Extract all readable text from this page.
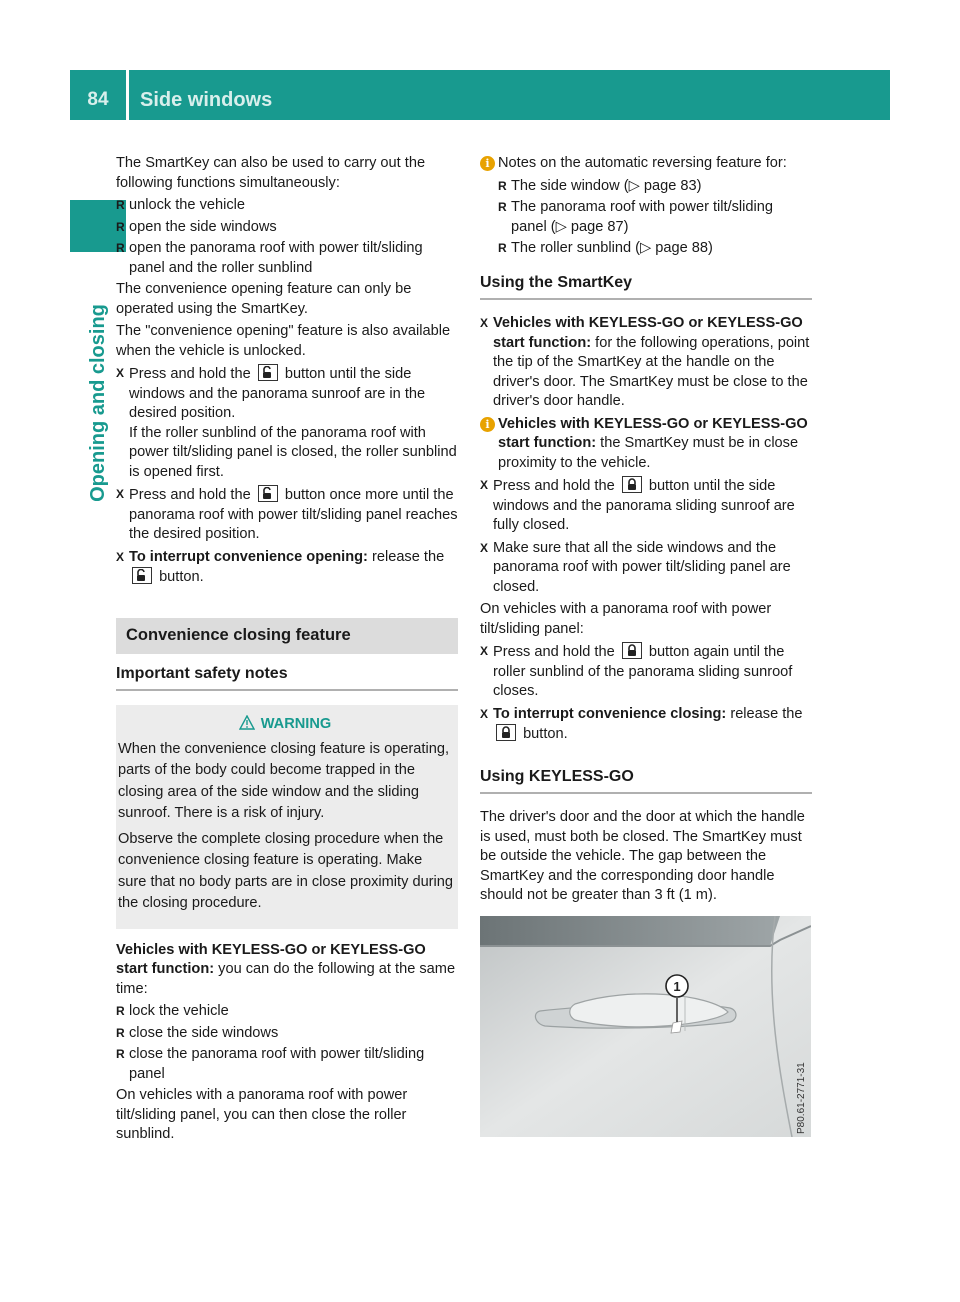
84	Side windows
Opening and closing

The SmartKey can also be used to carry out the following functions simultaneously:

R unlock the vehicle
R open the side windows
R open the panorama roof with power tilt/sliding panel and the roller sunblind

The convenience opening feature can only be operated using the SmartKey.

The "convenience opening" feature is also available when the vehicle is unlocked.

X Press and hold the button until the side windows and the panorama sunroof are in the desired position.
If the roller sunblind of the panorama roof with power tilt/sliding panel is closed, the roller sunblind is opened first.
X Press and hold the button once more until the panorama roof with power tilt/sliding panel reaches the desired position.
X To interrupt convenience opening: release the
button.
Convenience closing feature
Important safety notes
WARNING

When the convenience closing feature is operating, parts of the body could become trapped in the closing area of the side window and the sliding sunroof. There is a risk of injury.

Observe the complete closing procedure when the convenience closing feature is operating. Make sure that no body parts are in close proximity during the closing procedure.

Vehicles with KEYLESS-GO or KEYLESS-GO start function: you can do the following at the same time:

R lock the vehicle
R close the side windows
R close the panorama roof with power tilt/sliding panel

On vehicles with a panorama roof with power tilt/sliding panel, you can then close the roller sunblind.

i Notes on the automatic reversing feature for:
R The side window (▷ page 83)
R The panorama roof with power tilt/sliding panel (▷ page 87)
R The roller sunblind (▷ page 88)
Using the SmartKey
X Vehicles with KEYLESS-GO or KEYLESS-GO start function: for the following operations, point the tip of the SmartKey at the handle on the driver's door. The SmartKey must be close to the driver's door handle.
i Vehicles with KEYLESS-GO or KEYLESS-GO start function: the SmartKey must be in close proximity to the vehicle.
X Press and hold the button until the side windows and the panorama sliding sunroof are fully closed.
X Make sure that all the side windows and the panorama roof with power tilt/sliding panel are closed.

On vehicles with a panorama roof with power tilt/sliding panel:

X Press and hold the button again until the roller sunblind of the panorama sliding sunroof closes.
X To interrupt convenience closing: release the
button.
Using KEYLESS-GO

The driver's door and the door at which the handle is used, must both be closed. The SmartKey must be outside the vehicle. The gap between the SmartKey and the corresponding door handle should not be greater than 3 ft (1 m).

1
P80.61-2771-31
